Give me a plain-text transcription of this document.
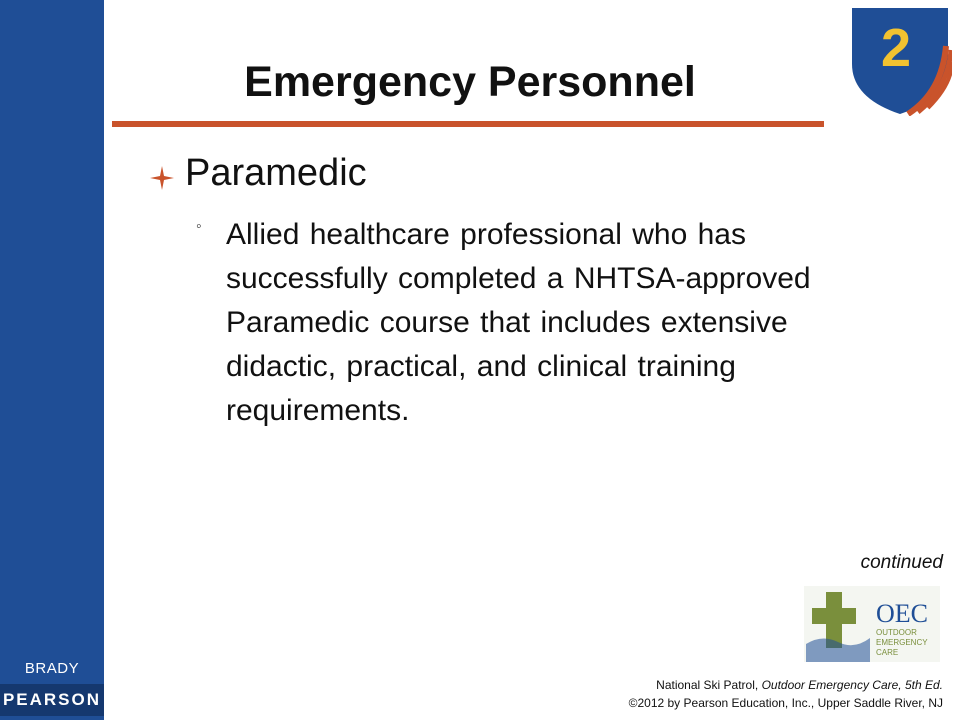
BRADY
PEARSON
Emergency Personnel
2
Paramedic
◦ Allied healthcare professional who has successfully completed a NHTSA-approved Paramedic course that includes extensive didactic, practical, and clinical training requirements.

continued
OEC
OUTDOOR
EMERGENCY
CARE
National Ski Patrol, Outdoor Emergency Care, 5th Ed.
©2012 by Pearson Education, Inc., Upper Saddle River, NJ
